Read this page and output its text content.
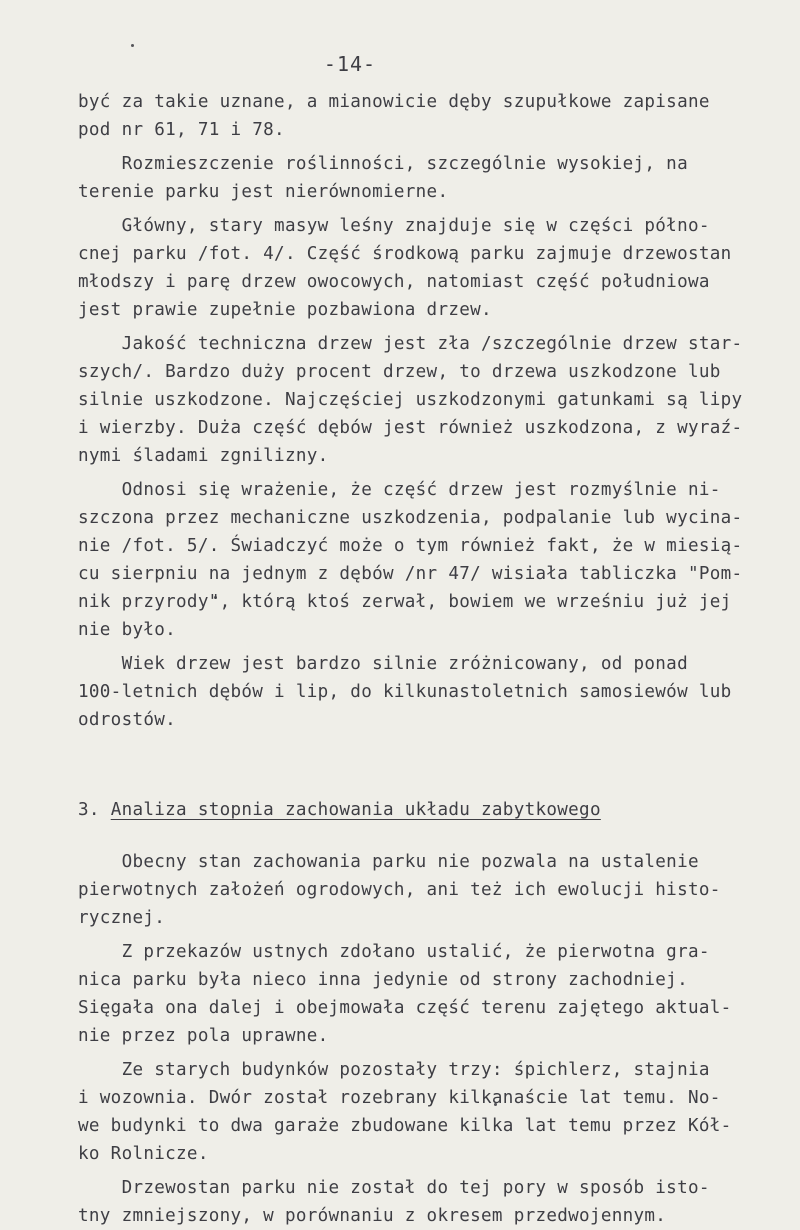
-14-
być za takie uznane, a mianowicie dęby szupułkowe zapisane
pod nr 61, 71 i 78.
Rozmieszczenie roślinności, szczególnie wysokiej, na
terenie parku jest nierównomierne.
Główny, stary masyw leśny znajduje się w części półno-
cnej parku /fot. 4/. Część środkową parku zajmuje drzewostan
młodszy i parę drzew owocowych, natomiast część południowa
jest prawie zupełnie pozbawiona drzew.
Jakość techniczna drzew jest zła /szczególnie drzew star-
szych/. Bardzo duży procent drzew, to drzewa uszkodzone lub
silnie uszkodzone. Najczęściej uszkodzonymi gatunkami są lipy
i wierzby. Duża część dębów jest również uszkodzona, z wyraź-
nymi śladami zgnilizny.
Odnosi się wrażenie, że część drzew jest rozmyślnie ni-
szczona przez mechaniczne uszkodzenia, podpalanie lub wycina-
nie /fot. 5/. Świadczyć może o tym również fakt, że w miesią-
cu sierpniu na jednym z dębów /nr 47/ wisiała tabliczka "Pom-
nik przyrody", którą ktoś zerwał, bowiem we wrześniu już jej
nie było.
Wiek drzew jest bardzo silnie zróżnicowany, od ponad
100-letnich dębów i lip, do kilkunastoletnich samosiewów lub
odrostów.
3. Analiza stopnia zachowania układu zabytkowego
Obecny stan zachowania parku nie pozwala na ustalenie
pierwotnych założeń ogrodowych, ani też ich ewolucji histo-
rycznej.
Z przekazów ustnych zdołano ustalić, że pierwotna gra-
nica parku była nieco inna jedynie od strony zachodniej.
Sięgała ona dalej i obejmowała część terenu zajętego aktual-
nie przez pola uprawne.
Ze starych budynków pozostały trzy: śpichlerz, stajnia
i wozownia. Dwór został rozebrany kilkanaście lat temu. No-
we budynki to dwa garaże zbudowane kilka lat temu przez Kół-
ko Rolnicze.
Drzewostan parku nie został do tej pory w sposób isto-
tny zmniejszony, w porównaniu z okresem przedwojennym.
